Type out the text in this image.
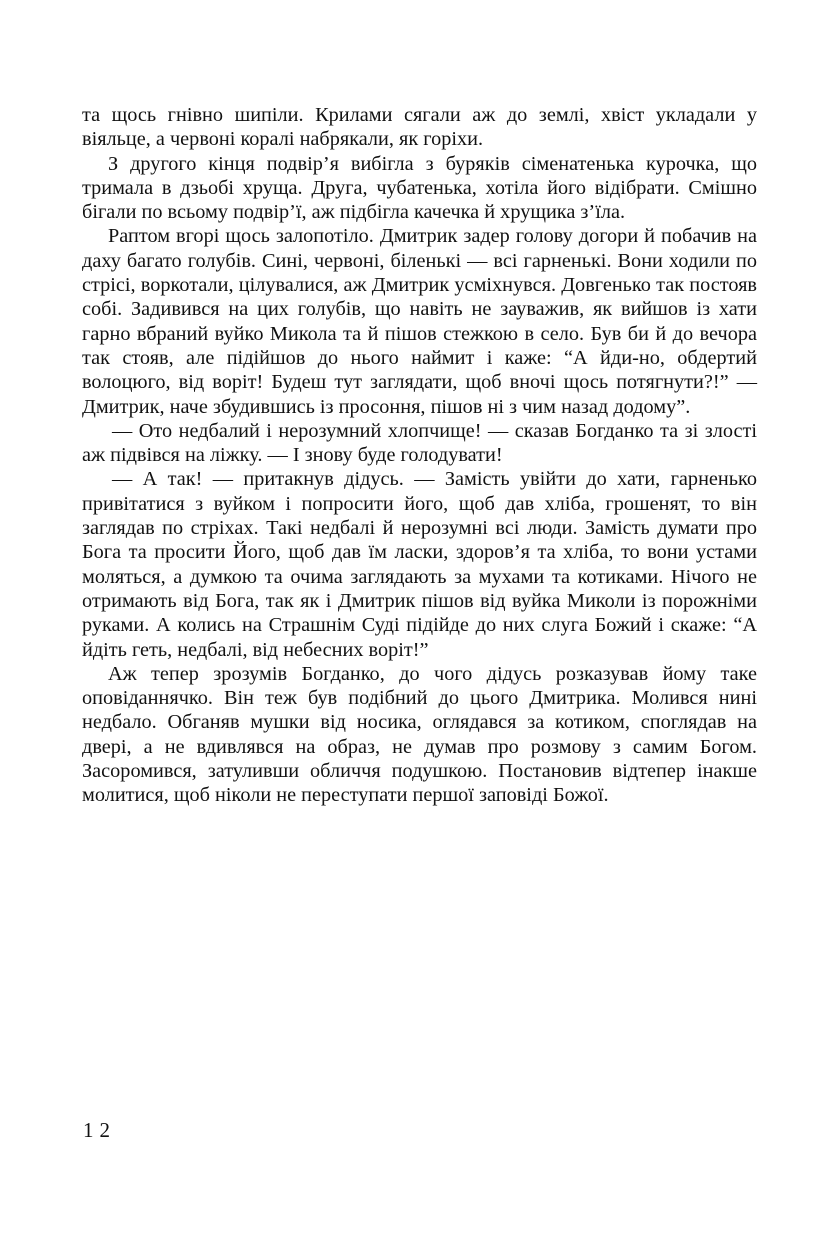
та щось гнівно шипіли. Крилами сягали аж до землі, хвіст укладали у віяльце, а червоні коралі набрякали, як горіхи.

З другого кінця подвір’я вибігла з буряків сіменатенька курочка, що тримала в дзьобі хруща. Друга, чубатенька, хотіла його відібрати. Смішно бігали по всьому подвір’ї, аж підбігла качечка й хрущика з’їла.

Раптом вгорі щось залопотіло. Дмитрик задер голову догори й побачив на даху багато голубів. Сині, червоні, біленькі — всі гарненькі. Вони ходили по стрісі, воркотали, цілувалися, аж Дмитрик усміхнувся. Довгенько так постояв собі. Задивився на цих голубів, що навіть не зауважив, як вийшов із хати гарно вбраний вуйко Микола та й пішов стежкою в село. Був би й до вечора так стояв, але підійшов до нього наймит і каже: “А йди-но, обдертий волоцюго, від воріт! Будеш тут заглядати, щоб вночі щось потягнути?!” — Дмитрик, наче збудившись із просоння, пішов ні з чим назад додому”.

— Ото недбалий і нерозумний хлопчище! — сказав Богданко та зі злості аж підвівся на ліжку. — І знову буде голодувати!

— А так! — притакнув дідусь. — Замість увійти до хати, гарненько привітатися з вуйком і попросити його, щоб дав хліба, грошенят, то він заглядав по стріхах. Такі недбалі й нерозумні всі люди. Замість думати про Бога та просити Його, щоб дав їм ласки, здоров’я та хліба, то вони устами моляться, а думкою та очима заглядають за мухами та котиками. Нічого не отримають від Бога, так як і Дмитрик пішов від вуйка Миколи із порожніми руками. А колись на Страшнім Суді підійде до них слуга Божий і скаже: “А йдіть геть, недбалі, від небесних воріт!”

Аж тепер зрозумів Богданко, до чого дідусь розказував йому таке оповіданнячко. Він теж був подібний до цього Дмитрика. Молився нині недбало. Обганяв мушки від носика, оглядався за котиком, споглядав на двері, а не вдивлявся на образ, не думав про розмову з самим Богом. Засоромився, затуливши обличчя подушкою. Постановив відтепер інакше молитися, щоб ніколи не переступати першої заповіді Божої.

12
